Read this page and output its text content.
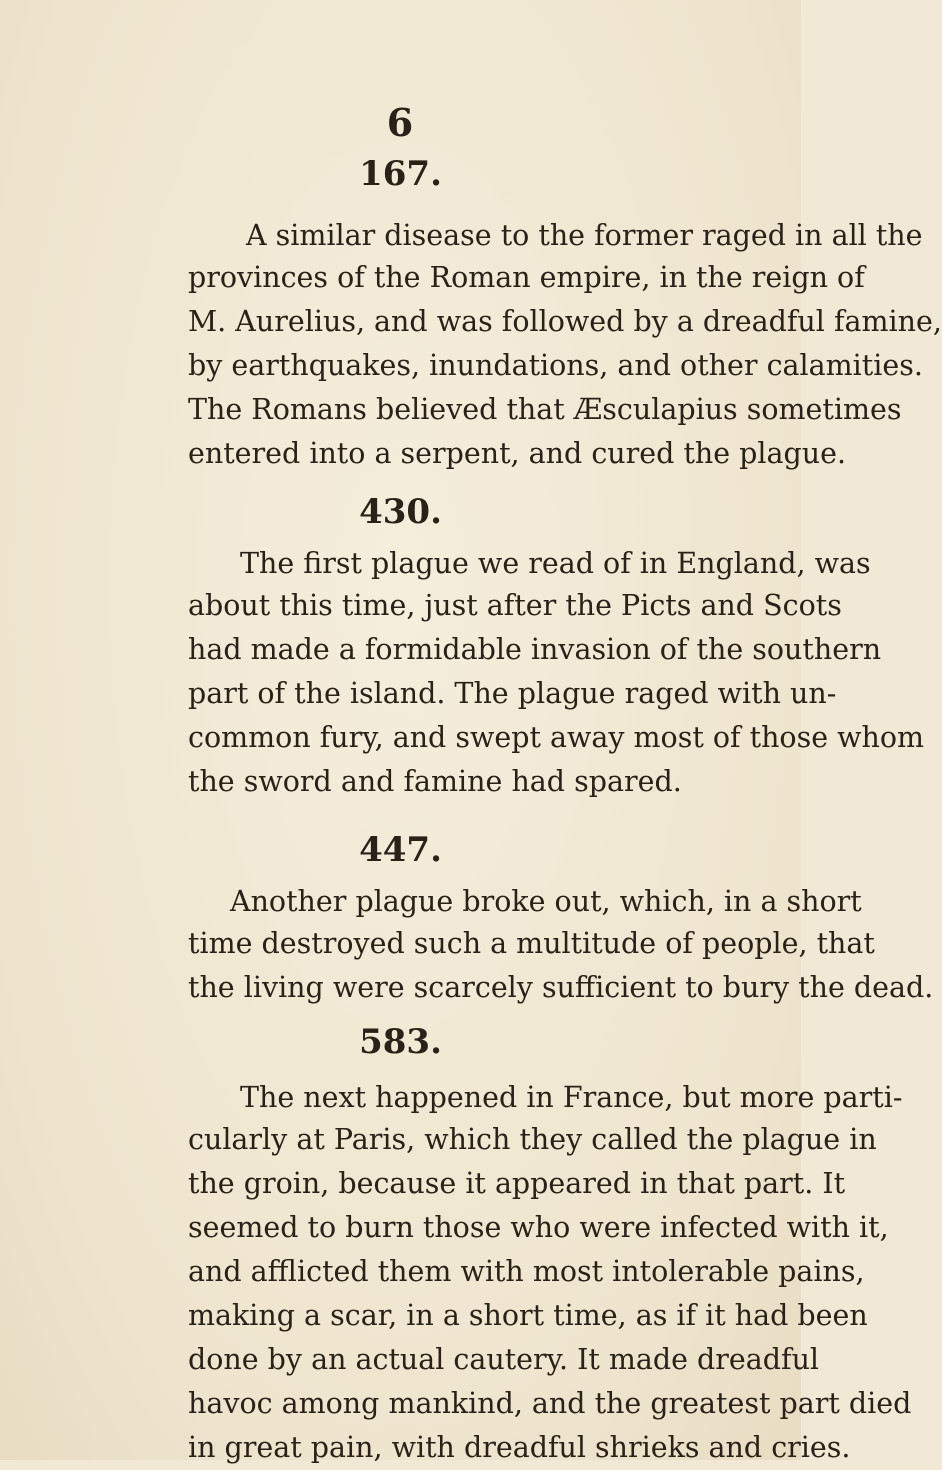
6
167.
A similar disease to the former raged in all the
provinces of the Roman empire, in the reign of
M. Aurelius, and was followed by a dreadful famine,
by earthquakes, inundations, and other calamities.
The Romans believed that Æsculapius sometimes
entered into a serpent, and cured the plague.
430.
The first plague we read of in England, was
about this time, just after the Picts and Scots
had made a formidable invasion of the southern
part of the island. The plague raged with un-
common fury, and swept away most of those whom
the sword and famine had spared.
447.
Another plague broke out, which, in a short
time destroyed such a multitude of people, that
the living were scarcely sufficient to bury the dead.
583.
The next happened in France, but more parti-
cularly at Paris, which they called the plague in
the groin, because it appeared in that part. It
seemed to burn those who were infected with it,
and afflicted them with most intolerable pains,
making a scar, in a short time, as if it had been
done by an actual cautery. It made dreadful
havoc among mankind, and the greatest part died
in great pain, with dreadful shrieks and cries.
